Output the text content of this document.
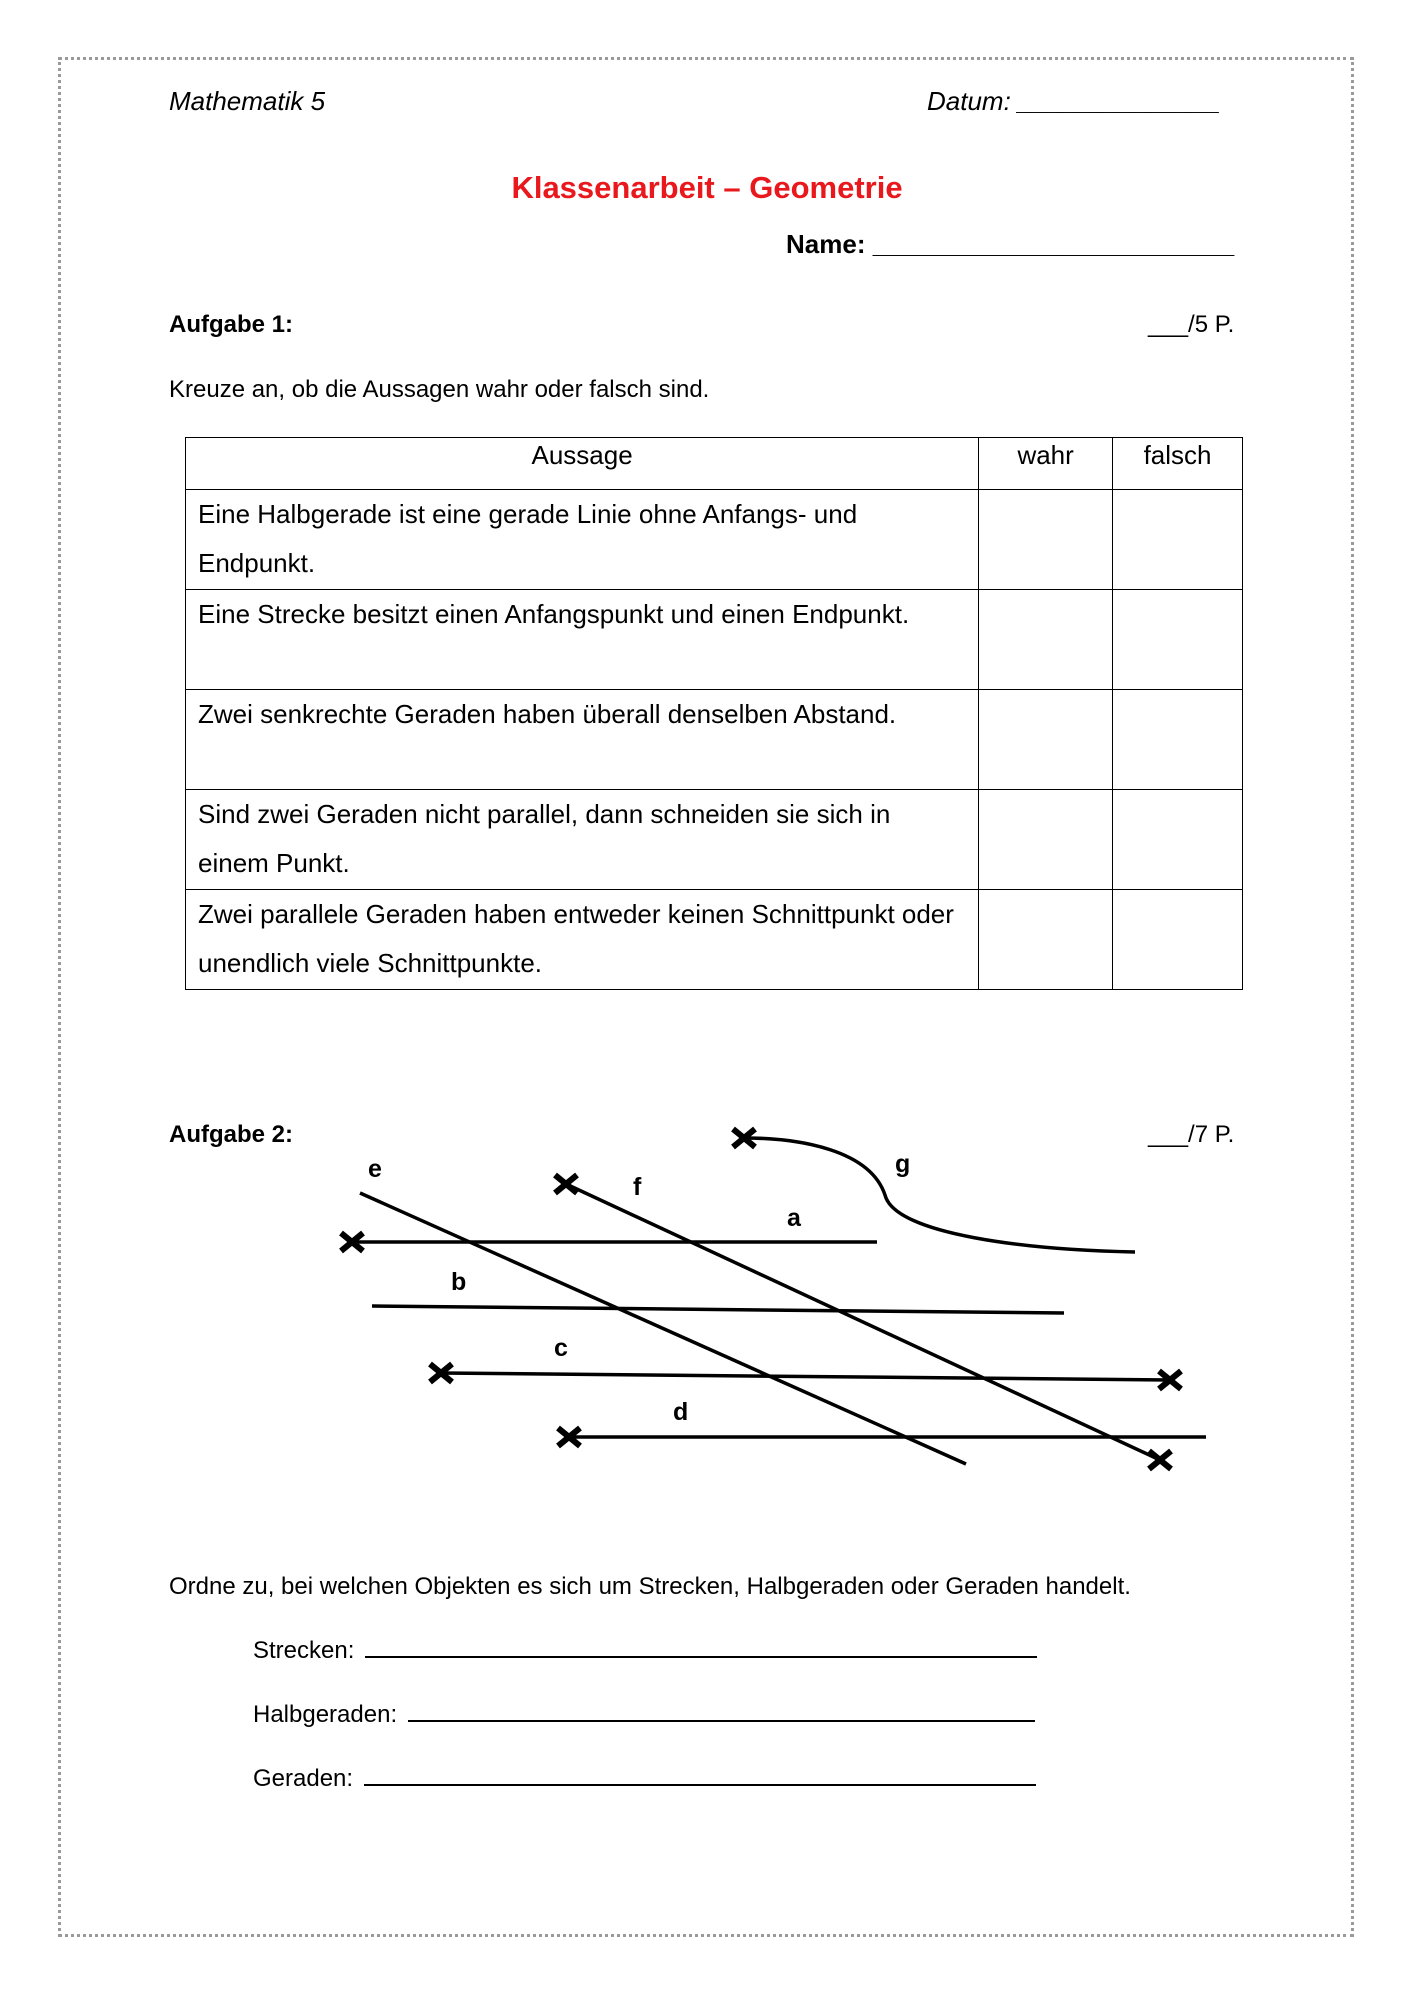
Mathematik 5	Datum: ______________
Klassenarbeit – Geometrie
Name: _________________________
Aufgabe 1:	___/5 P.
Kreuze an, ob die Aussagen wahr oder falsch sind.
Aussage	wahr	falsch
Eine Halbgerade ist eine gerade Linie ohne Anfangs- und Endpunkt.		
Eine Strecke besitzt einen Anfangspunkt und einen Endpunkt.		
Zwei senkrechte Geraden haben überall denselben Abstand.		
Sind zwei Geraden nicht parallel, dann schneiden sie sich in einem Punkt.		
Zwei parallele Geraden haben entweder keinen Schnittpunkt oder unendlich viele Schnittpunkte.		
Aufgabe 2:	___/7 P.
a
b
c
d
e
f
g
Ordne zu, bei welchen Objekten es sich um Strecken, Halbgeraden oder Geraden handelt.
Strecken:
Halbgeraden:
Geraden:
